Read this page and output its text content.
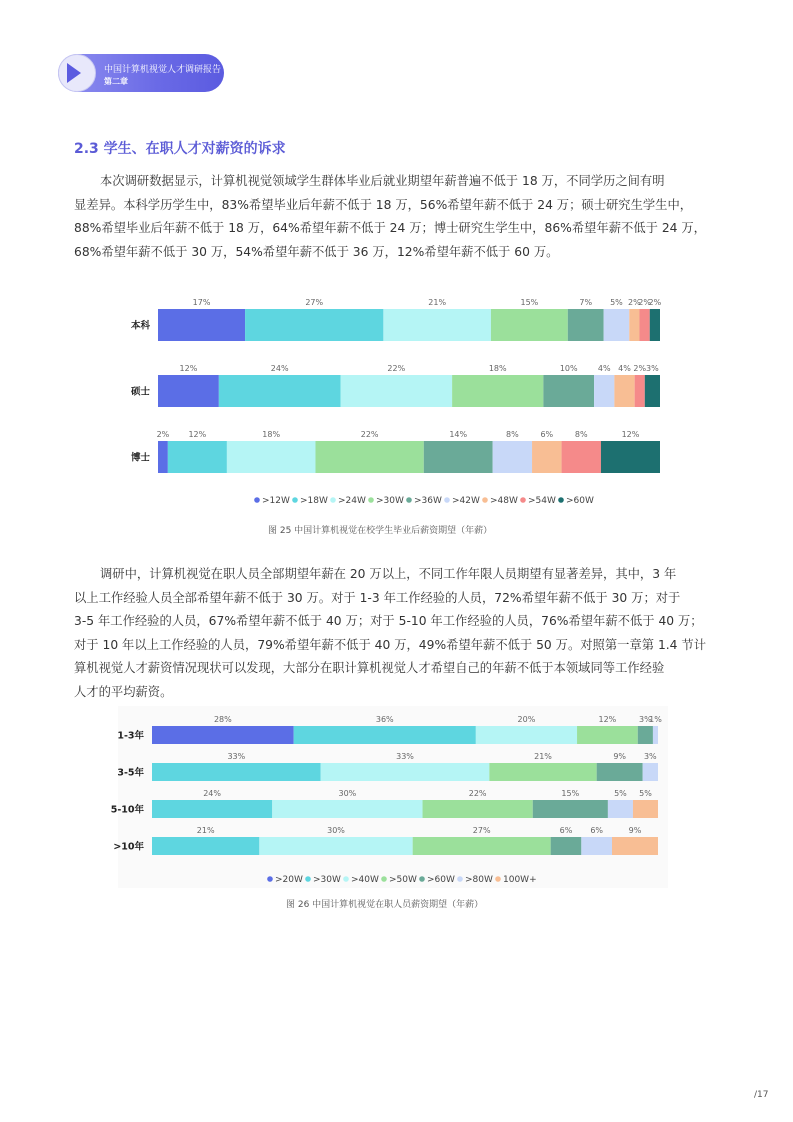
中国计算机视觉人才调研报告
第二章
2.3 学生、在职人才对薪资的诉求
本次调研数据显示，计算机视觉领域学生群体毕业后就业期望年薪普遍不低于 18 万，不同学历之间有明
显差异。本科学历学生中，83%希望毕业后年薪不低于 18 万，56%希望年薪不低于 24 万；硕士研究生学生中，
88%希望毕业后年薪不低于 18 万，64%希望年薪不低于 24 万；博士研究生学生中，86%希望年薪不低于 24 万，
68%希望年薪不低于 30 万，54%希望年薪不低于 36 万，12%希望年薪不低于 60 万。
本科
17%	27%	21%	15%	7% 5% 2%
2%
2%
硕士
12%	24%	22%	18%	10%	4% 4% 2% 3%
博士
2% 12%	18%	22%	14%	8%	6%	8%	12%
>12W >18W >24W >30W >36W >42W >48W >54W >60W
图 25 中国计算机视觉在校学生毕业后薪资期望（年薪）
调研中，计算机视觉在职人员全部期望年薪在 20 万以上，不同工作年限人员期望有显著差异，其中，3 年
以上工作经验人员全部希望年薪不低于 30 万。对于 1-3 年工作经验的人员，72%希望年薪不低于 30 万；对于
3-5 年工作经验的人员，67%希望年薪不低于 40 万；对于 5-10 年工作经验的人员，76%希望年薪不低于 40 万；
对于 10 年以上工作经验的人员，79%希望年薪不低于 40 万，49%希望年薪不低于 50 万。对照第一章第 1.4 节计
算机视觉人才薪资情况现状可以发现，大部分在职计算机视觉人才希望自己的年薪不低于本领域同等工作经验
人才的平均薪资。
1-3年
28%	36%	20%	12%	3%
1%
3-5年
33%	33%	21%	9% 3%
5-10年
24%	30%	22%	15%	5% 5%
>10年
21%	30%	27%	6% 6%	9%
>20W >30W >40W >50W >60W >80W 100W+
图 26 中国计算机视觉在职人员薪资期望（年薪）
/17
